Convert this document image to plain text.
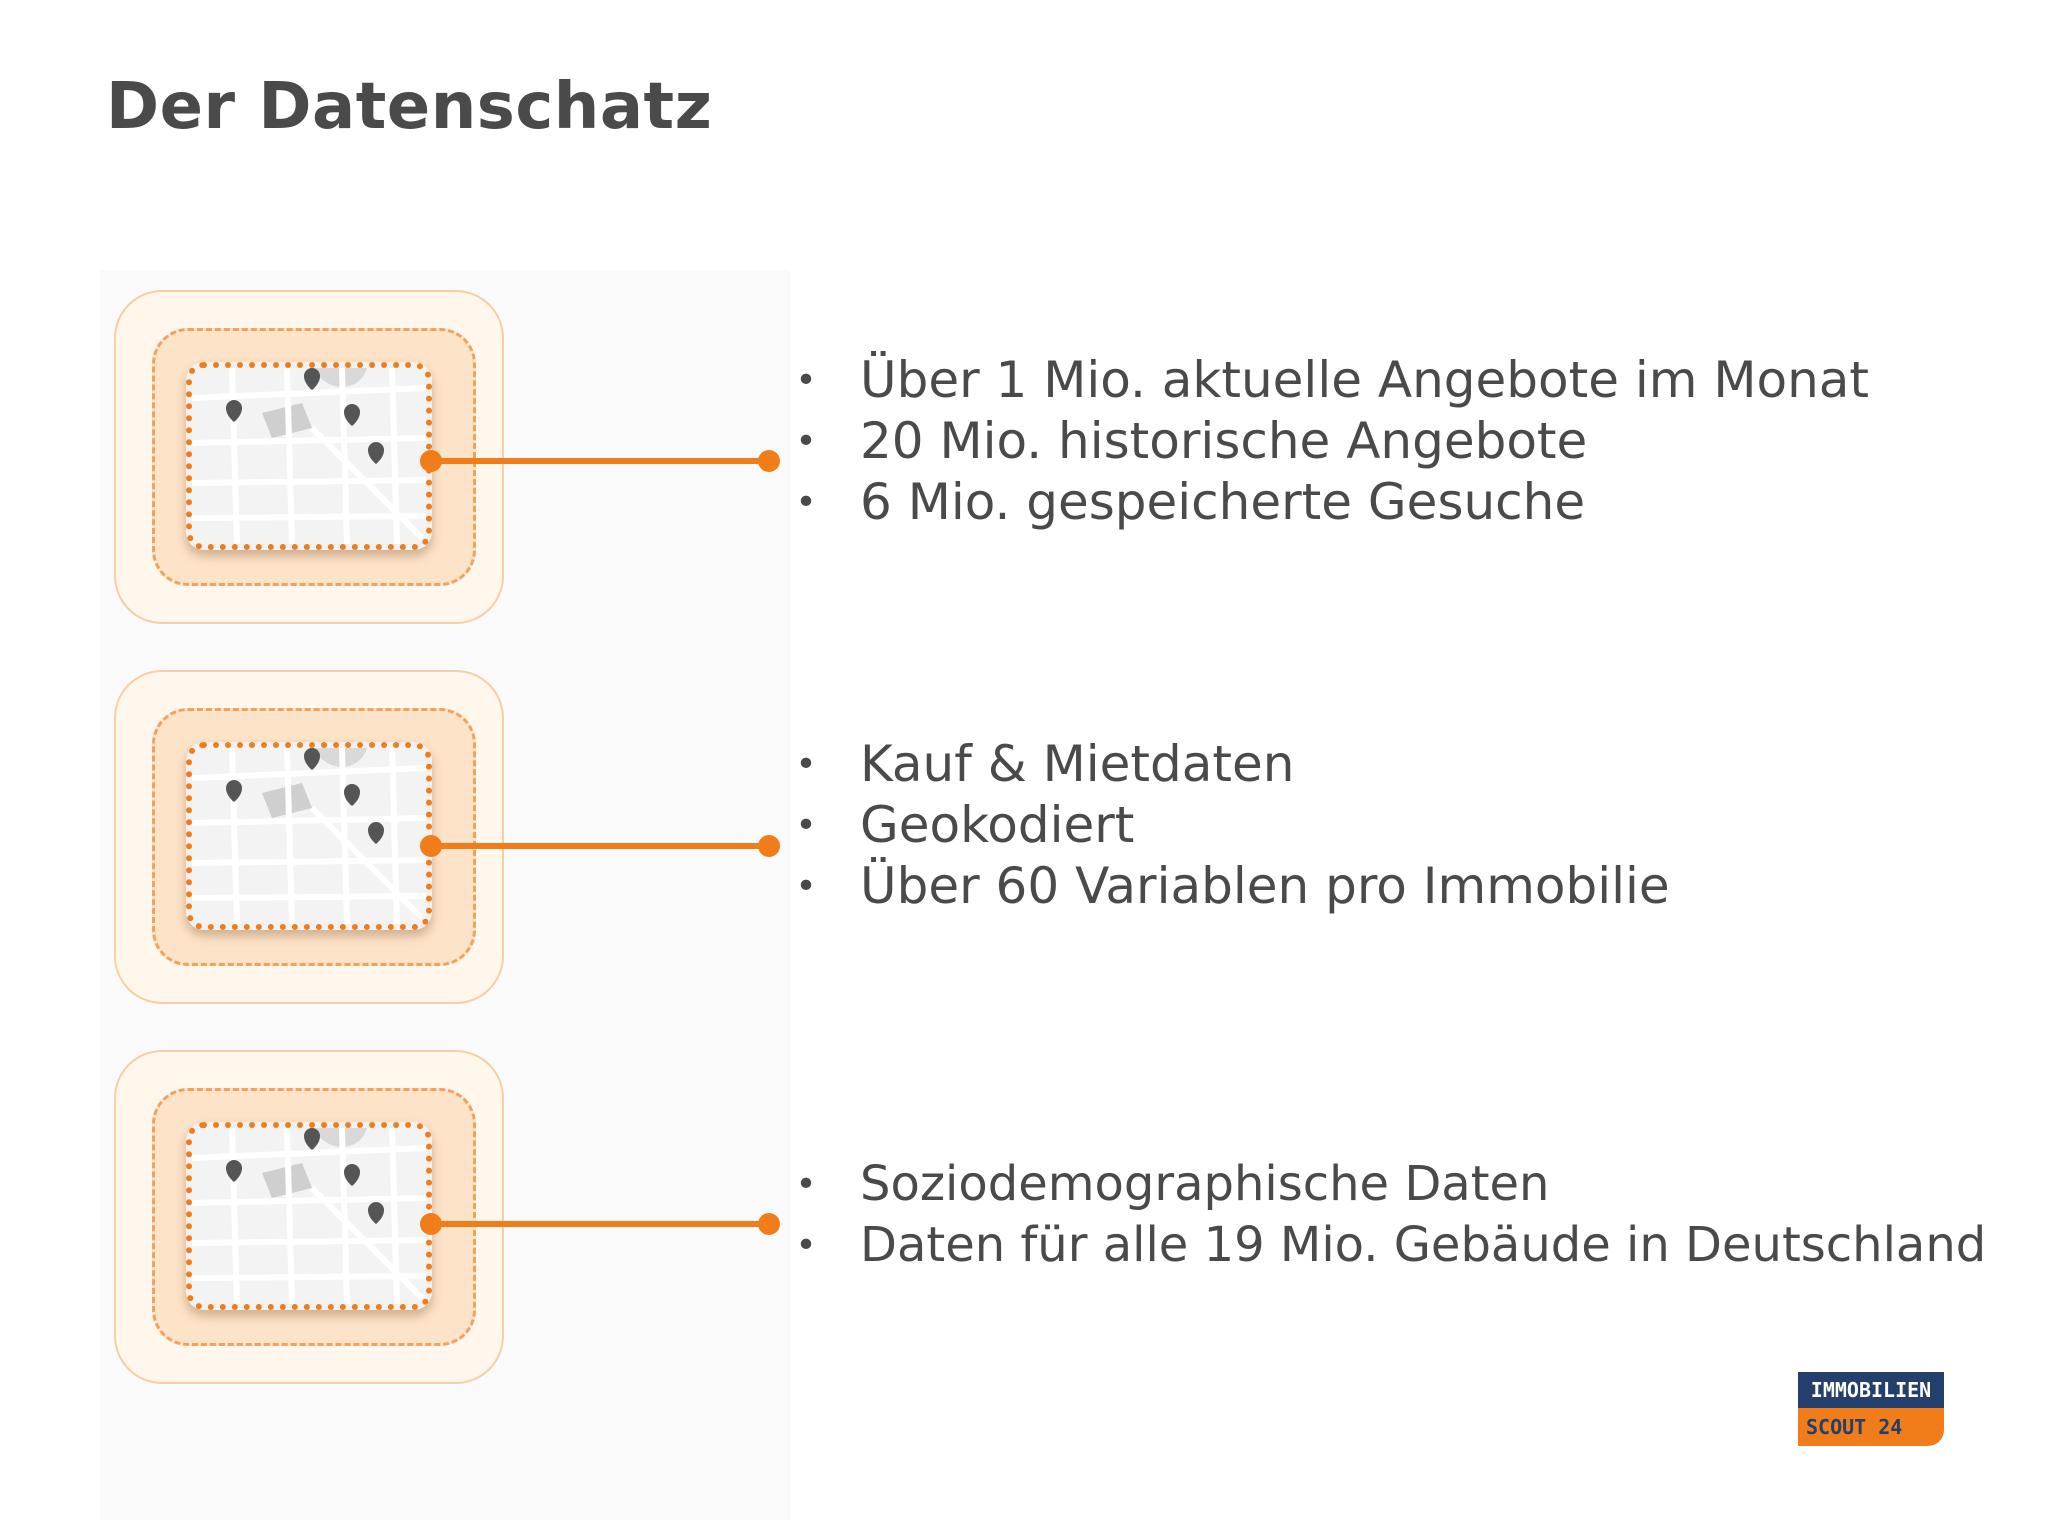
Der Datenschatz
• Über 1 Mio. aktuelle Angebote im Monat
• 20 Mio. historische Angebote
• 6 Mio. gespeicherte Gesuche
• Kauf & Mietdaten
• Geokodiert
• Über 60 Variablen pro Immobilie
• Soziodemographische Daten
• Daten für alle 19 Mio. Gebäude in Deutschland
IMMOBILIEN
SCOUT 24
